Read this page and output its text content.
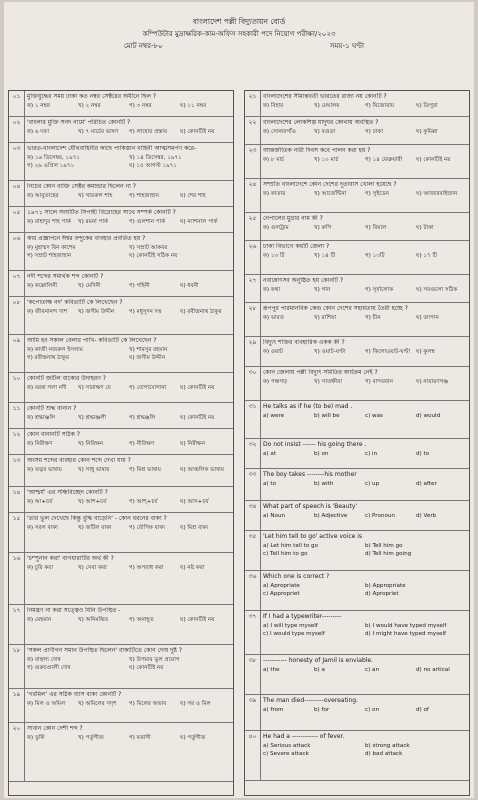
বাংলাদেশ পল্লী বিদ্যুতায়ন বোর্ড
কম্পিউটার মুদ্রাক্ষরিক-কাম-অফিস সহকারী পদে নিয়োগ পরীক্ষা/২০২৩
মোট নম্বর-৮০	সময়-১ ঘণ্টা
০১	মুক্তিযুদ্ধের সময় ঢাকা কত নম্বর সেক্টরের অধীনে ছিল ?
ক) ১ নম্বর	খ) ২ নম্বর	গ) ৩ নম্বর	ঘ) ১১ নম্বর
০২	'বাংলার মুক্তি সনদ নামে' পরিচিত কোনটি ?
ক) ৬ দফা	খ) ৭ মার্চের ভাষণ	গ) লাহোর প্রস্তাব	ঘ) কোনটিই নয়
০৩	ভারত-বাংলাদেশ যৌথবাহিনীর কাছে পাকিস্তান বাহিনী আত্মসমর্পণ করে-
ক) ১৬ ডিসেম্বর, ১৯৭১	খ) ১৪ ডিসেম্বর, ১৯৭১
গ) ২৬ এপ্রিল ১৯৭১	ঘ) ১৫ আগস্ট ১৯৭১
০৪	নিচের কোন ব্যক্তি সেক্টর কমান্ডার ছিলেন না ?
ক) আবুতাহের	খ) খায়রুল শাহ	গ) শাহজাহান	ঘ) শের শাহ
০৫	১৯৭১ সালে সংঘটিত সিপাহী বিদ্রোহের সাথে সম্পর্ক কোনটি ?
ক) বাহাদুর শাহ পার্ক	খ) রমনা পার্ক	গ) গুলশান পার্ক	ঘ) ন্যাশনাল পার্ক
০৬	কার প্রজ্ঞাপনে ঈশ্বর বন্দুকের ব্যবহার প্রবর্তিত হয় ?
ক) মুহাম্মদ বিন কাশেম	খ) সম্রাট আকবর
গ) সম্রাট শাহজাহান	ঘ) কোনটিই সঠিক নয়
০৭	নদী শব্দের সমার্থক শব্দ কোনটি ?
ক) কল্লোলিনী	খ) মেদিনী	গ) গহিনী	ঘ) ধবনী
০৮	'কপোতাক্ষ নদ' কবিতাটি কে লিখেছেন ?
ক) জীবনানন্দ দাশ	খ) জসীম উদ্দীন	গ) মধুসূদন দত্ত	ঘ) রবীন্দ্রনাথ ঠাকুর
০৯	আমি হব সকাল বেলার পাখি- কবিতাটি কে লিখেছেন ?
ক) কাজী নজরুল ইসলাম	খ) শামসুর রহমান
গ) রবীন্দ্রনাথ ঠাকুর	ঘ) জসীম উদ্দীন
১০	কোনটি জটিল বাক্যের উদাহরণ ?
ক) বরষা গলা নদী	খ) সারাক্ষণ যে	গ) যোগাযোগানা	ঘ) কোনটিই নয়
১১	কোনটি শুদ্ধ বানান ?
ক) শ্রদ্ধাঞ্জলি	খ) শ্রদ্ধাঞ্জলী	গ) শ্রদ্ধঞ্জলি	ঘ) কোনটিই নয়
১২	কোন বানানটি সঠিক ?
ক) নিরীক্ষণ	খ) নিরিক্ষন	গ) নীরিক্ষণ	ঘ) নিরীক্ষন
১৩	অংসম শব্দের ব্যবহার কোন শব্দে দেখা যায় ?
ক) তদ্ভব ভাষায়	খ) সাধু ভাষায়	গ) মিশ্র ভাষায়	ঘ) আঞ্চলিক ভাষায়
১৪	'আশ্চর্য' এর সন্ধিবিচ্ছেদ কোনটি ?
ক) আ+চর্য	খ) আশ+চর্য	গ) আশ্+চর্য	ঘ) আস+চর্য
১৫	'তার ভুল দেখেছে কিন্তু বুদ্ধি বাড়েনি' - কোন ধরনের বাক্য ?
ক) সরল বাক্য	খ) জটিল বাক্য	গ) যৌগিক বাক্য	ঘ) মিশ্র বাক্য
১৬	'চম্পুনান করা' বাগধারাটির অর্থ কী ?
ক) চুরি করা	খ) সেবা করা	গ) অপরাধ করা	ঘ) নষ্ট করা
১৭	নিমন্ত্রণ না করা সত্ত্বেও যিনি উপস্থিত -
ক) মেহমান	খ) অনিমন্ত্রিত	গ) অনাহূত	ঘ) কোনটিই নয়
১৮	'সকল প্রাণীগন সমান উপস্থিত ছিলেন' বাক্যটিতে কোন দোষ দুষ্ট ?
ক) বাহুল্য দোষ	খ) উপমার ভুল প্রয়োগ
গ) গুরুচণ্ডালী দোষ	ঘ) কোনটিই নয়
১৯	'গরমিল' এর সঠিক ব্যাস বাক্য কোনটি ?
ক) মিল ও অমিল	খ) অমিলের সদৃশ	গ) মিলের অভাব	ঘ) গর ও মিল
২০	সাবান কোন দেশী শব্দ ?
ক) তুর্কি	খ) পর্তুগীজ	গ) ফরাসী	ঘ) পর্তুগীজ
২১	বাংলাদেশের সীমান্তবর্তী ভারতের রাজ্য নয় কোনটি ?
ক) বিহার	খ) মেঘালয়	গ) মিজোরাম	ঘ) ত্রিপুরা
২২	বাংলাদেশের লোকশিল্প যাদুঘর কোথায় অবস্থিত ?
ক) সোনারগাঁও	খ) বগুড়া	গ) ঢাকা	ঘ) কুমিল্লা
২৩	আন্তর্জাতিক নারী দিবস কবে পালন করা হয় ?
ক) ৮ মার্চ	খ) ১০ মার্চ	গ) ১৪ ফেব্রুয়ারী	ঘ) কোনটিই নয়
২৪	সম্প্রতি বাংলাদেশে কোন দেশের দূতাবাস খোলা হয়েছে ?
ক) কাতার	খ) আর্জেন্টিনা	গ) সুইডেন	ঘ) আজারবাইজান
২৫	নেপালের মুদ্রার নাম কী ?
ক) গুলট্রাম	খ) রুপি	গ) রিয়াল	ঘ) টাকা
২৬	ঢাকা বিভাগে কয়টি জেলা ?
ক) ১৩ টি	খ) ১৪ টি	গ) ১৩টি	ঘ) ১৭ টি
২৭	নবান্নোৎসব অনুষ্ঠিত হয় কোনটি ?
ক) কথা	খ) গান	গ) সূর্যালোক	ঘ) সবগুলো সঠিক
২৮	রূপপুর পারমানবিক কেন্দ্র কোন দেশের সহায়তায় তৈরী হচ্ছে ?
ক) ভারত	খ) রাশিয়া	গ) চীন	ঘ) জাপান
২৯	বিদ্যুৎ শক্তির ব্যবহারিক একক কী ?
ক) ওয়াট	খ) ওয়াট-ঘণ্টা	গ) কিলোওয়াট-ঘণ্টা	ঘ) কুলম্ব
৩০	কোন জেলায় পল্লী বিদ্যুৎ সমিতির কার্যক্রম নেই ?
ক) পঞ্চগড়	খ) সাতক্ষীরা	গ) বান্দরবান	ঘ) নারায়ণগঞ্জ
৩১	He talks as if he (to be) mad .
a) were	b) will be	c) was	d) would
৩২	Do not insist ------ his going there .
a) at	b) on	c) in	d) to
৩৩	The boy takes --------his mother
a) to	b) with	c) up	d) after
৩৪	What part of speech is 'Beauty'
a) Noun	b) Adjective	c) Pronoun	d) Verb
৩৫	'Let him tell to go' active voice is
a) Let him tell to go	b) Tell him go
c) Tell him to go	d) Tell him going
৩৬	Which one is correct ?
a) Apropriate	b) Appropriate
c) Appropriet	d) Apropriet
৩৭	If I had a typewriter---------
a) I will type myself	b) I would have typed myself
c) I would type myself	d) I might have typed myself
৩৮	----------- honesty of Jamil is enviable.
a) the	b) a	c) an	d) no artical
৩৯	The man died---------overeating.
a) from	b) for	c) on	d) of
৪০	He had a ------------ of fever.
a) Serious attack	b) strong attack
c) Severe attack	d) bad attack
